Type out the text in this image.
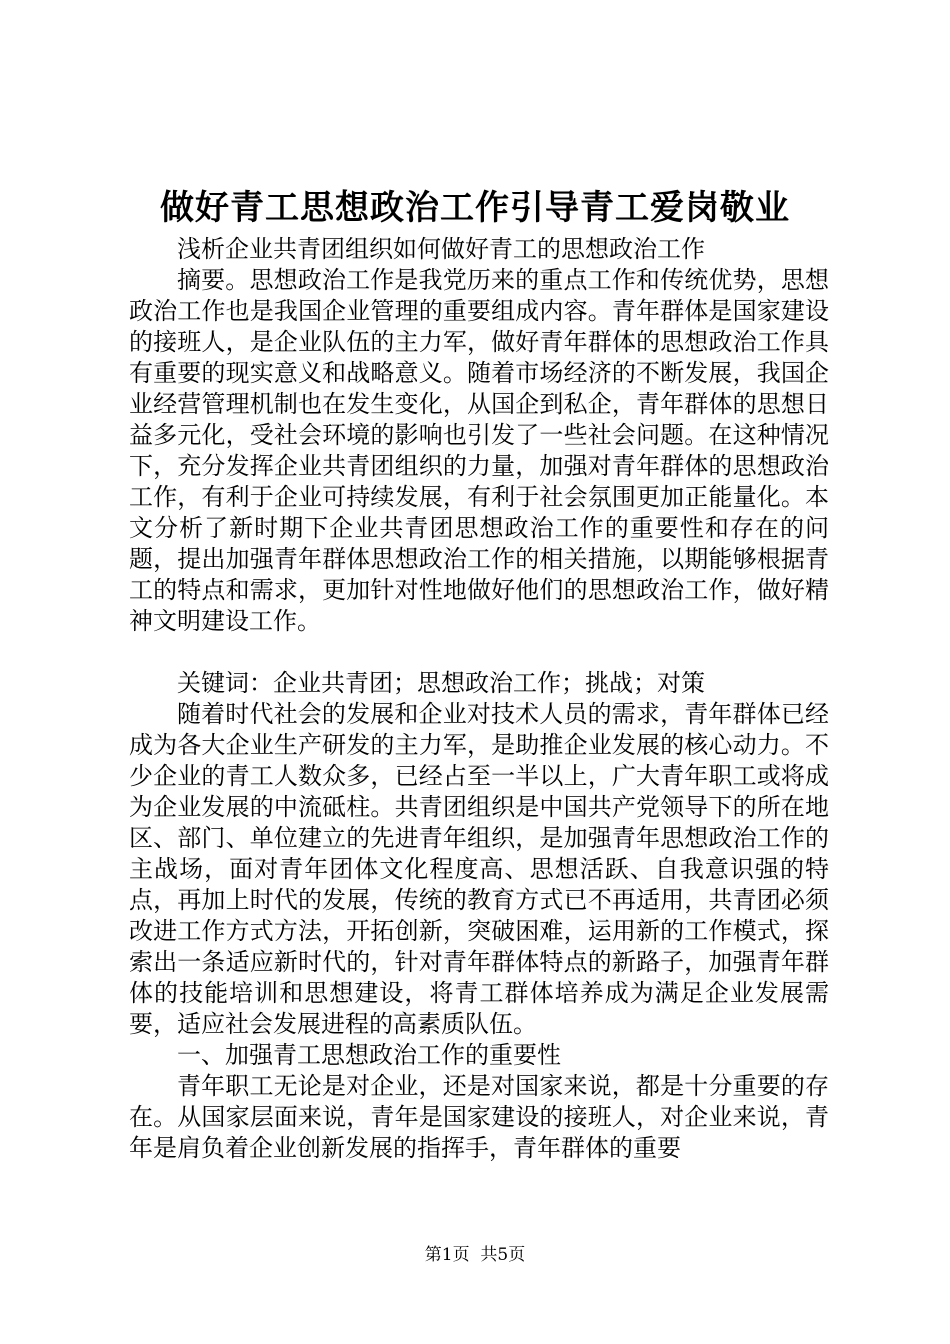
做好青工思想政治工作引导青工爱岗敬业

浅析企业共青团组织如何做好青工的思想政治工作

摘要。思想政治工作是我党历来的重点工作和传统优势，思想政治工作也是我国企业管理的重要组成内容。青年群体是国家建设的接班人，是企业队伍的主力军，做好青年群体的思想政治工作具有重要的现实意义和战略意义。随着市场经济的不断发展，我国企业经营管理机制也在发生变化，从国企到私企，青年群体的思想日益多元化，受社会环境的影响也引发了一些社会问题。在这种情况下，充分发挥企业共青团组织的力量，加强对青年群体的思想政治工作，有利于企业可持续发展，有利于社会氛围更加正能量化。本文分析了新时期下企业共青团思想政治工作的重要性和存在的问题，提出加强青年群体思想政治工作的相关措施，以期能够根据青工的特点和需求，更加针对性地做好他们的思想政治工作，做好精神文明建设工作。

关键词：企业共青团；思想政治工作；挑战；对策

随着时代社会的发展和企业对技术人员的需求，青年群体已经成为各大企业生产研发的主力军，是助推企业发展的核心动力。不少企业的青工人数众多，已经占至一半以上，广大青年职工或将成为企业发展的中流砥柱。共青团组织是中国共产党领导下的所在地区、部门、单位建立的先进青年组织，是加强青年思想政治工作的主战场，面对青年团体文化程度高、思想活跃、自我意识强的特点，再加上时代的发展，传统的教育方式已不再适用，共青团必须改进工作方式方法，开拓创新，突破困难，运用新的工作模式，探索出一条适应新时代的，针对青年群体特点的新路子，加强青年群体的技能培训和思想建设，将青工群体培养成为满足企业发展需要，适应社会发展进程的高素质队伍。

一、加强青工思想政治工作的重要性

青年职工无论是对企业，还是对国家来说，都是十分重要的存在。从国家层面来说，青年是国家建设的接班人，对企业来说，青年是肩负着企业创新发展的指挥手，青年群体的重要

第1页  共5页
